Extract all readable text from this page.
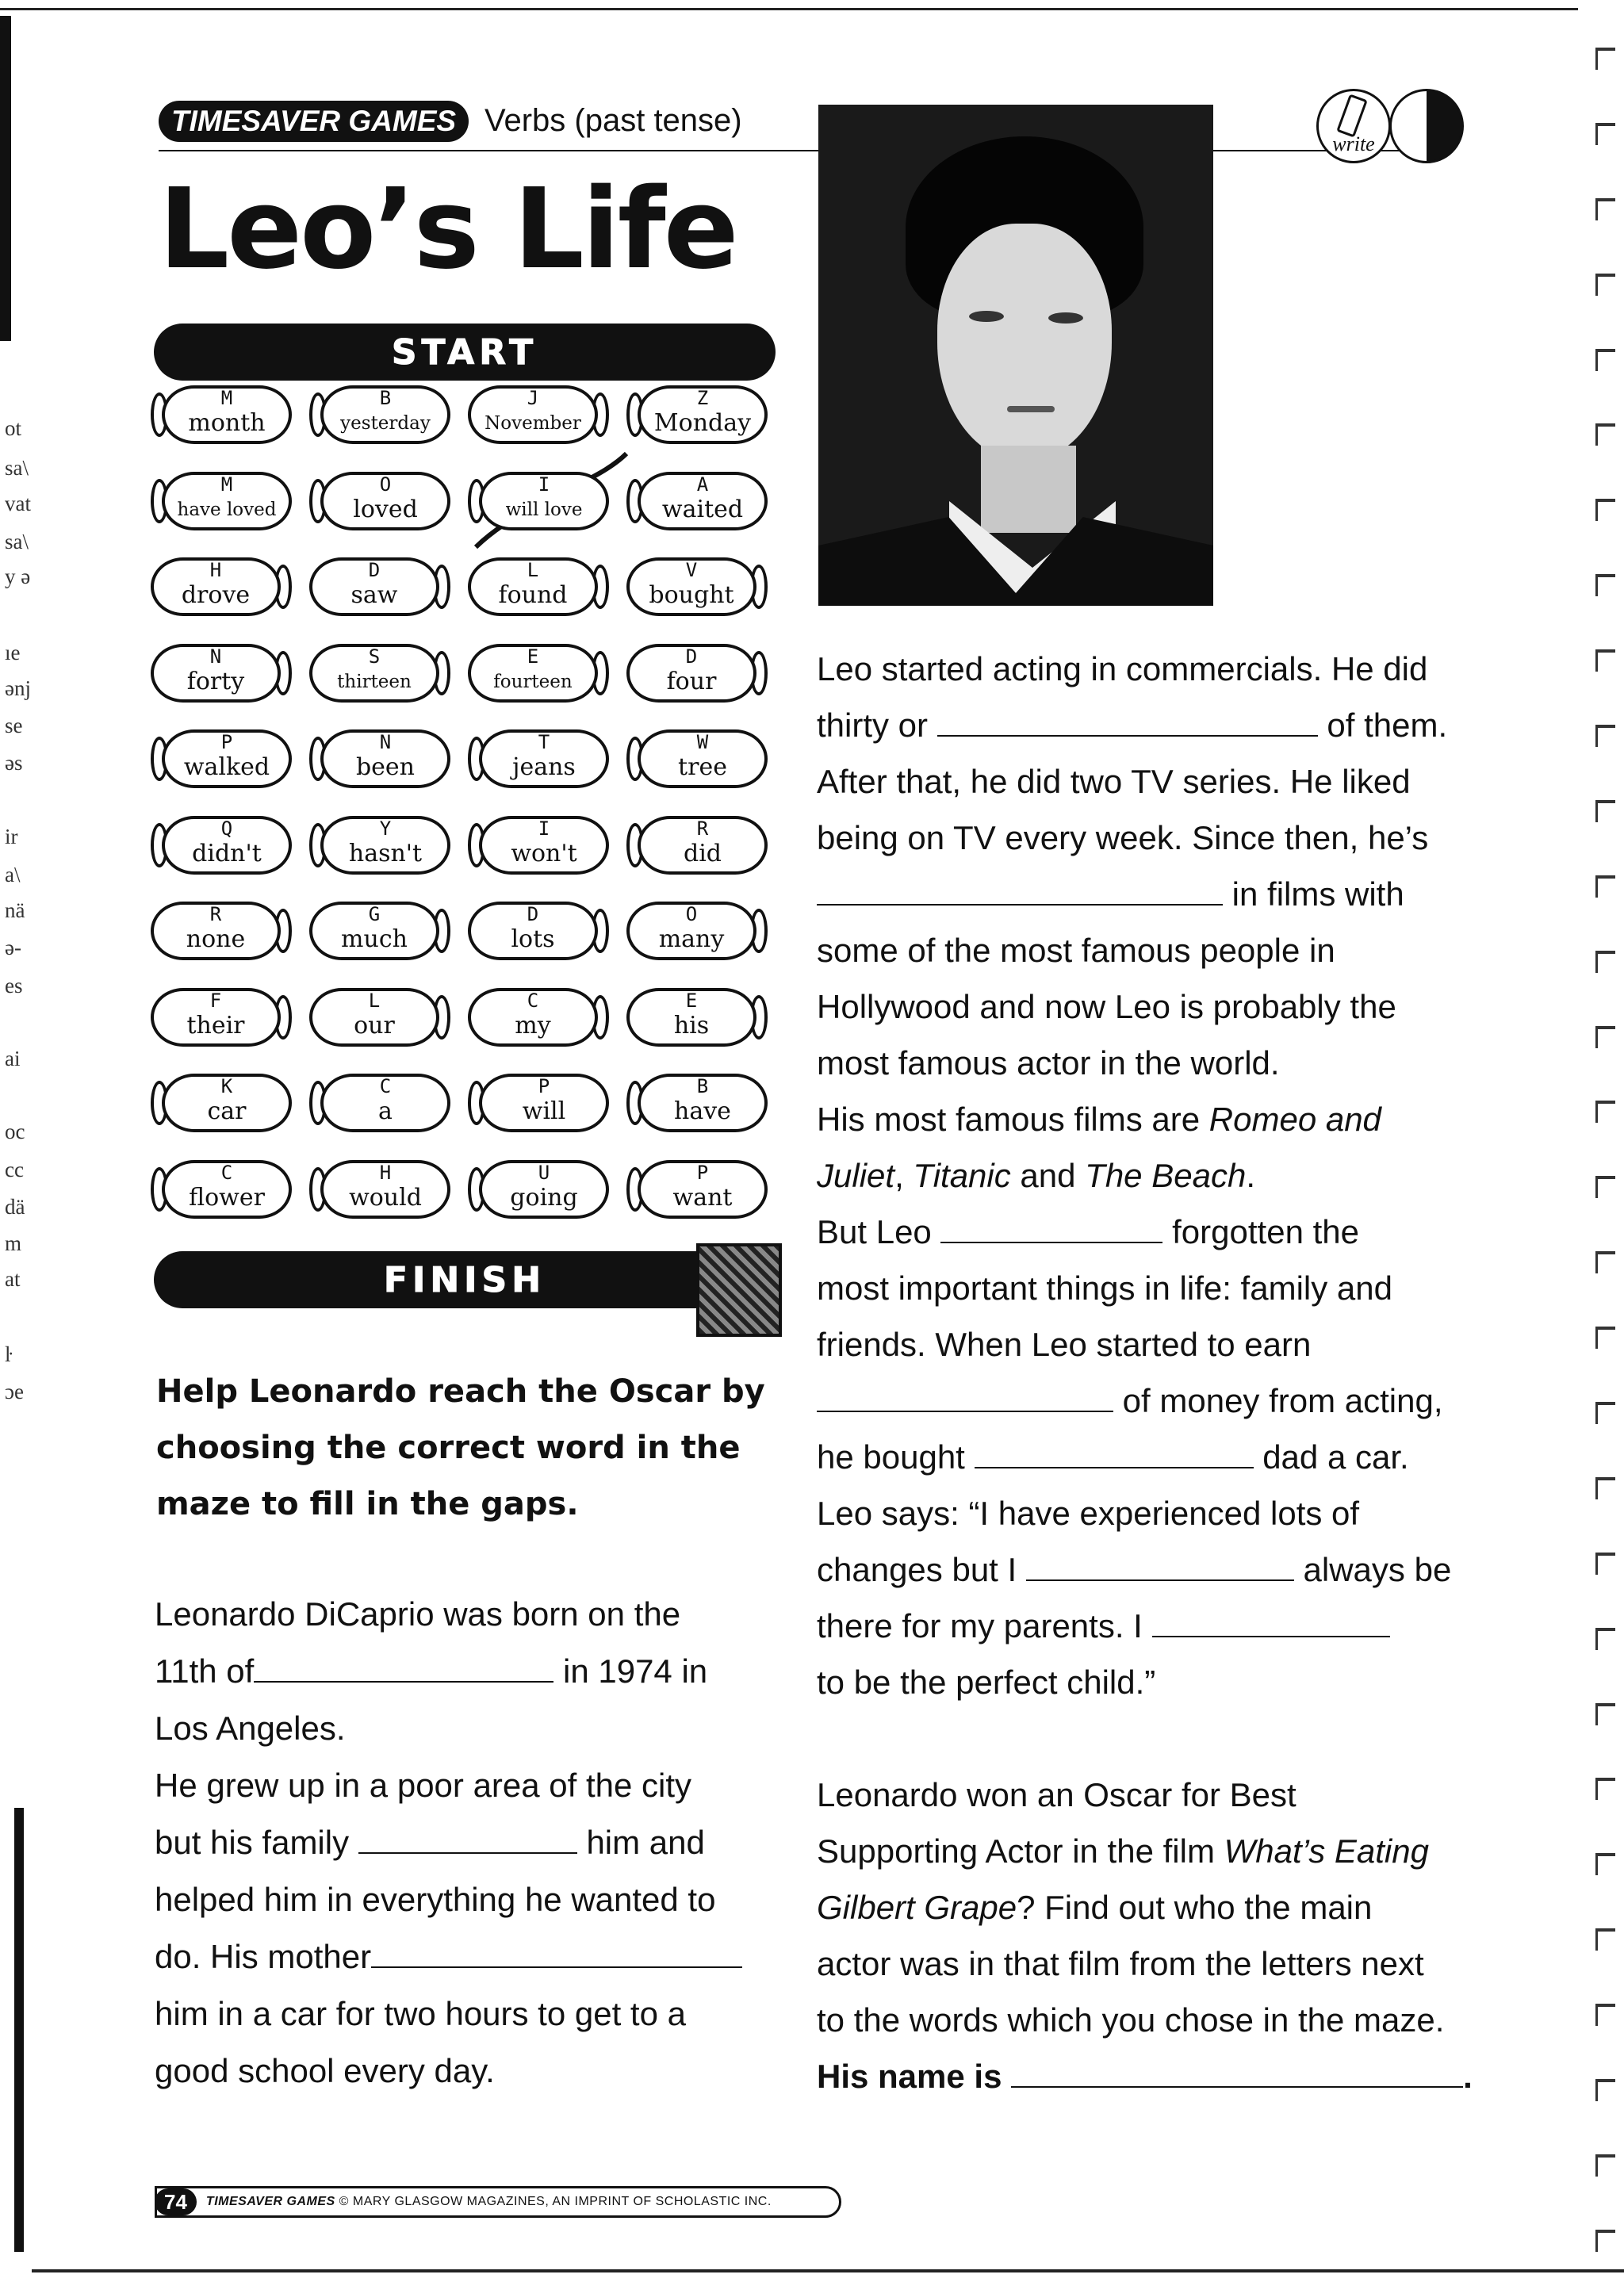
ot
sa\
vat
sa\
y ǝ
ıe
ənj
se
əs
ir
a\
nä
ə-
es
ai
oc
cc
dä
m
at
ŀ
ɔe
TIMESAVER GAMES Verbs (past tense)
write
Leo’s Life
START
M
month
B
yesterday
J
November
Z
Monday
M
have loved
O
loved
I
will love
A
waited
H
drove
D
saw
L
found
V
bought
N
forty
S
thirteen
E
fourteen
D
four
P
walked
N
been
T
jeans
W
tree
Q
didn't
Y
hasn't
I
won't
R
did
R
none
G
much
D
lots
O
many
F
their
L
our
C
my
E
his
K
car
C
a
P
will
B
have
C
flower
H
would
U
going
P
want
FINISH
Help Leonardo reach the Oscar by choosing the correct word in the maze to fill in the gaps.

Leonardo DiCaprio was born on the

11th of	in 1974 in

Los Angeles.

He grew up in a poor area of the city

but his family	him and

helped him in everything he wanted to

do. His mother

him in a car for two hours to get to a

good school every day.

Leo started acting in commercials. He did

thirty or	of them.

After that, he did two TV series. He liked

being on TV every week. Since then, he’s

in films with

some of the most famous people in

Hollywood and now Leo is probably the

most famous actor in the world.

His most famous films are Romeo and

Juliet, Titanic and The Beach.

But Leo	forgotten the

most important things in life: family and

friends. When Leo started to earn

of money from acting,

he bought	dad a car.

Leo says: “I have experienced lots of

changes but I	always be

there for my parents. I

to be the perfect child.”

Leonardo won an Oscar for Best

Supporting Actor in the film What’s Eating

Gilbert Grape? Find out who the main

actor was in that film from the letters next

to the words which you chose in the maze.

His name is	.

74	TIMESAVER GAMES © MARY GLASGOW MAGAZINES, AN IMPRINT OF SCHOLASTIC INC.
